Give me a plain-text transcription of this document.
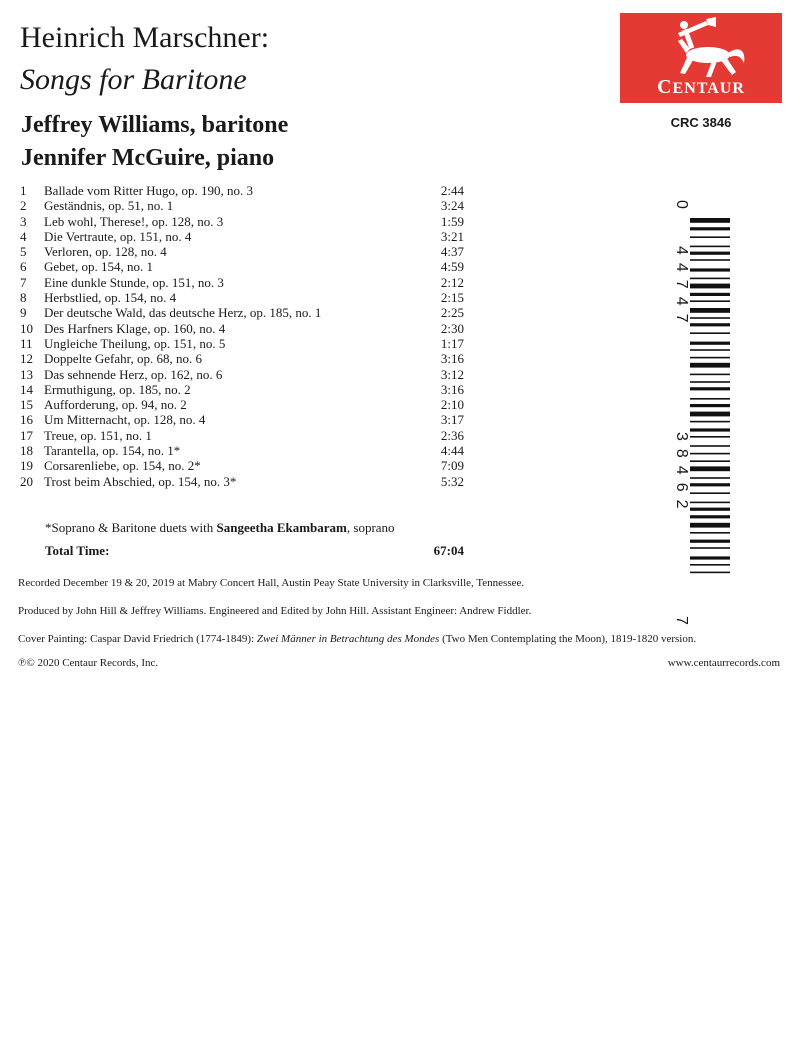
Heinrich Marschner:
Songs for Baritone
Jeffrey Williams, baritone
Jennifer McGuire, piano
CENTAUR
CRC 3846
1	Ballade vom Ritter Hugo, op. 190, no. 3	2:44
2	Geständnis, op. 51, no. 1	3:24
3	Leb wohl, Therese!, op. 128, no. 3	1:59
4	Die Vertraute, op. 151, no. 4	3:21
5	Verloren, op. 128, no. 4	4:37
6	Gebet, op. 154, no. 1	4:59
7	Eine dunkle Stunde, op. 151, no. 3	2:12
8	Herbstlied, op. 154, no. 4	2:15
9	Der deutsche Wald, das deutsche Herz, op. 185, no. 1	2:25
10 Des Harfners Klage, op. 160, no. 4	2:30
11 Ungleiche Theilung, op. 151, no. 5	1:17
12 Doppelte Gefahr, op. 68, no. 6	3:16
13 Das sehnende Herz, op. 162, no. 6	3:12
14 Ermuthigung, op. 185, no. 2	3:16
15 Aufforderung, op. 94, no. 2	2:10
16 Um Mitternacht, op. 128, no. 4	3:17
17 Treue, op. 151, no. 1	2:36
18 Tarantella, op. 154, no. 1*	4:44
19 Corsarenliebe, op. 154, no. 2*	7:09
20 Trost beim Abschied, op. 154, no. 3*	5:32
*Soprano & Baritone duets with Sangeetha Ekambaram, soprano
Total Time:	67:04
Recorded December 19 & 20, 2019 at Mabry Concert Hall, Austin Peay State University in Clarksville, Tennessee.
Produced by John Hill & Jeffrey Williams. Engineered and Edited by John Hill. Assistant Engineer: Andrew Fiddler.
Cover Painting: Caspar David Friedrich (1774-1849): Zwei Männer in Betrachtung des Mondes (Two Men Contemplating the Moon), 1819-1820 version.
℗© 2020 Centaur Records, Inc.	www.centaurrecords.com
0
44747
38462
7
